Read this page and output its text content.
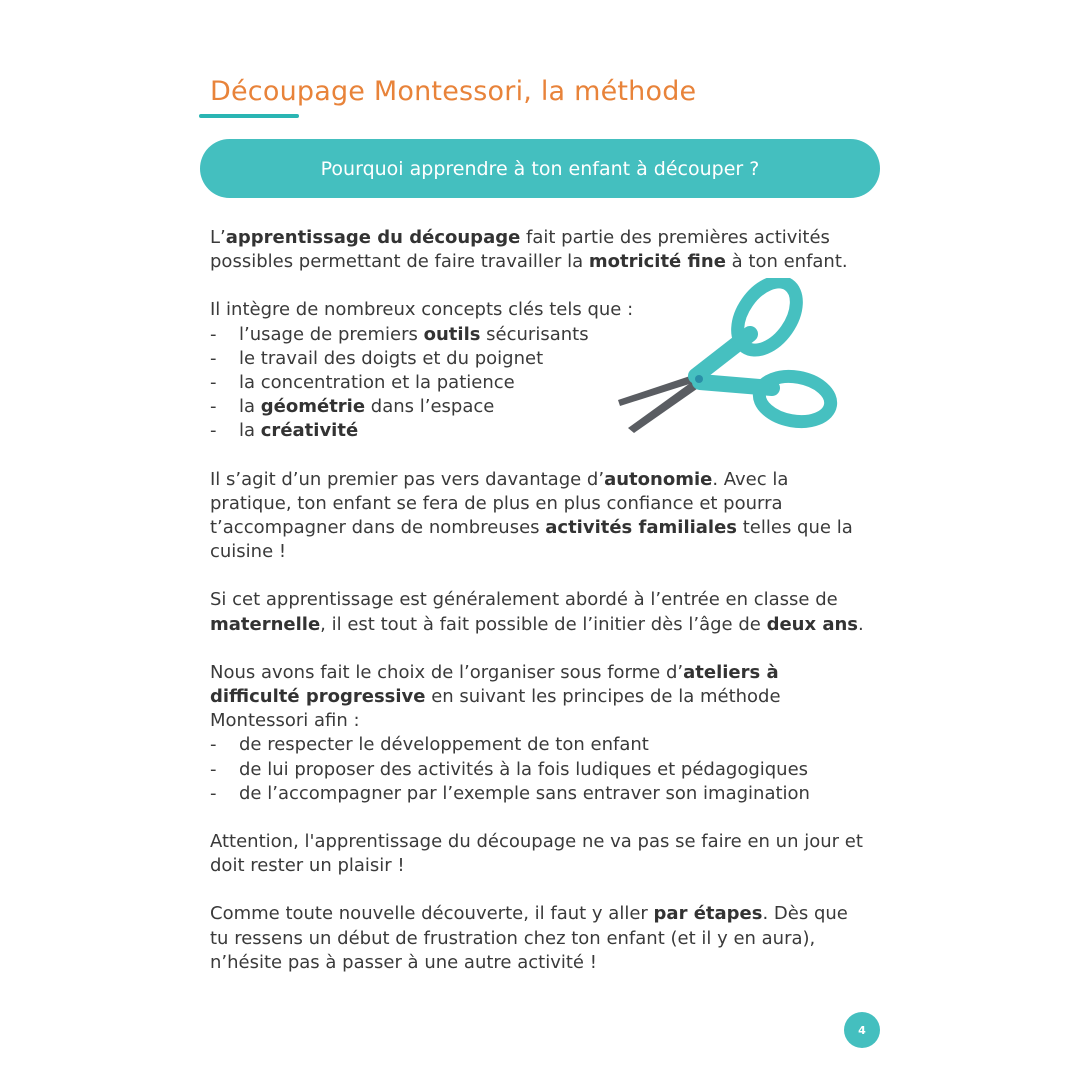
Découpage Montessori, la méthode
Pourquoi apprendre à ton enfant à découper ?

L’apprentissage du découpage fait partie des premières activités possibles permettant de faire travailler la motricité fine à ton enfant.

Il intègre de nombreux concepts clés tels que :

- l’usage de premiers outils sécurisants
- le travail des doigts et du poignet
- la concentration et la patience
- la géométrie dans l’espace
- la créativité

Il s’agit d’un premier pas vers davantage d’autonomie. Avec la pratique, ton enfant se fera de plus en plus confiance et pourra t’accompagner dans de nombreuses activités familiales telles que la cuisine !

Si cet apprentissage est généralement abordé à l’entrée en classe de maternelle, il est tout à fait possible de l’initier dès l’âge de deux ans.

Nous avons fait le choix de l’organiser sous forme d’ateliers à difficulté progressive en suivant les principes de la méthode Montessori afin :

- de respecter le développement de ton enfant
- de lui proposer des activités à la fois ludiques et pédagogiques
- de l’accompagner par l’exemple sans entraver son imagination

Attention, l'apprentissage du découpage ne va pas se faire en un jour et doit rester un plaisir !

Comme toute nouvelle découverte, il faut y aller par étapes. Dès que tu ressens un début de frustration chez ton enfant (et il y en aura), n’hésite pas à passer à une autre activité !

4
